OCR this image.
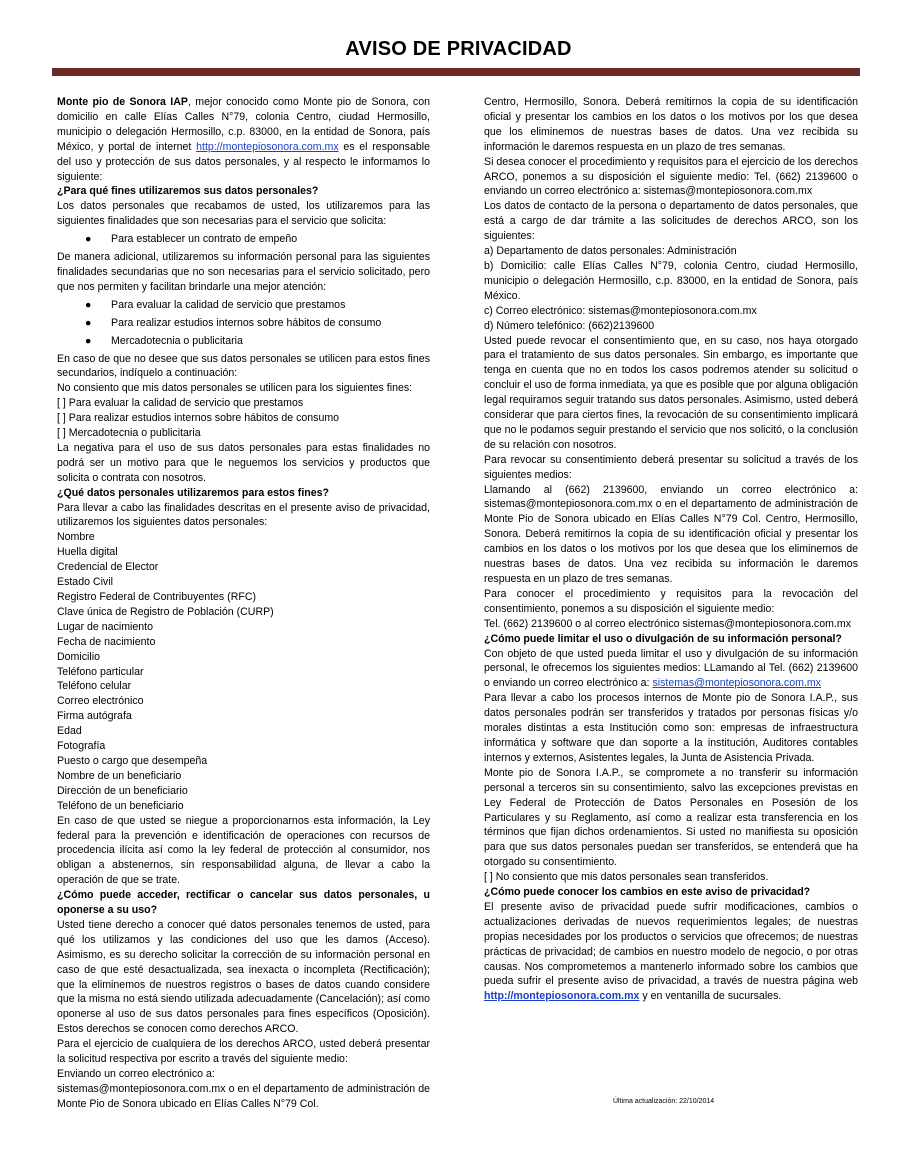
AVISO DE PRIVACIDAD

Monte pio de Sonora IAP, mejor conocido como Monte pio de Sonora, con domicilio en calle Elías Calles N°79, colonia Centro, ciudad Hermosillo, municipio o delegación Hermosillo, c.p. 83000, en la entidad de Sonora, país México, y portal de internet http://montepiosonora.com.mx es el responsable del uso y protección de sus datos personales, y al respecto le informamos lo siguiente:

¿Para qué fines utilizaremos sus datos personales?

Los datos personales que recabamos de usted, los utilizaremos para las siguientes finalidades que son necesarias para el servicio que solicita:

● Para establecer un contrato de empeño

De manera adicional, utilizaremos su información personal para las siguientes finalidades secundarias que no son necesarias para el servicio solicitado, pero que nos permiten y facilitan brindarle una mejor atención:

● Para evaluar la calidad de servicio que prestamos
● Para realizar estudios internos sobre hábitos de consumo
● Mercadotecnia o publicitaria

En caso de que no desee que sus datos personales se utilicen para estos fines secundarios, indíquelo a continuación:

No consiento que mis datos personales se utilicen para los siguientes fines:

[ ] Para evaluar la calidad de servicio que prestamos

[ ] Para realizar estudios internos sobre hábitos de consumo

[ ] Mercadotecnia o publicitaria

La negativa para el uso de sus datos personales para estas finalidades no podrá ser un motivo para que le neguemos los servicios y productos que solicita o contrata con nosotros.

¿Qué datos personales utilizaremos para estos fines?

Para llevar a cabo las finalidades descritas en el presente aviso de privacidad, utilizaremos los siguientes datos personales:

Nombre

Huella digital

Credencial de Elector

Estado Civil

Registro Federal de Contribuyentes (RFC)

Clave única de Registro de Población (CURP)

Lugar de nacimiento

Fecha de nacimiento

Domicilio

Teléfono particular

Teléfono celular

Correo electrónico

Firma autógrafa

Edad

Fotografía

Puesto o cargo que desempeña

Nombre de un beneficiario

Dirección de un beneficiario

Teléfono de un beneficiario

En caso de que usted se niegue a proporcionarnos esta información, la Ley federal para la prevención e identificación de operaciones con recursos de procedencia ilícita así como la ley federal de protección al consumidor, nos obligan a abstenernos, sin responsabilidad alguna, de llevar a cabo la operación de que se trate.

¿Cómo puede acceder, rectificar o cancelar sus datos personales, u oponerse a su uso?

Usted tiene derecho a conocer qué datos personales tenemos de usted, para qué los utilizamos y las condiciones del uso que les damos (Acceso). Asimismo, es su derecho solicitar la corrección de su información personal en caso de que esté desactualizada, sea inexacta o incompleta (Rectificación); que la eliminemos de nuestros registros o bases de datos cuando considere que la misma no está siendo utilizada adecuadamente (Cancelación); así como oponerse al uso de sus datos personales para fines específicos (Oposición). Estos derechos se conocen como derechos ARCO.

Para el ejercicio de cualquiera de los derechos ARCO, usted deberá presentar la solicitud respectiva por escrito a través del siguiente medio:

Enviando un correo electrónico a:

sistemas@montepiosonora.com.mx o en el departamento de administración de Monte Pio de Sonora ubicado en Elías Calles N°79 Col.

Centro, Hermosillo, Sonora. Deberá remitirnos la copia de su identificación oficial y presentar los cambios en los datos o los motivos por los que desea que los eliminemos de nuestras bases de datos. Una vez recibida su información le daremos respuesta en un plazo de tres semanas.

Si desea conocer el procedimiento y requisitos para el ejercicio de los derechos ARCO, ponemos a su disposición el siguiente medio: Tel. (662) 2139600 o enviando un correo electrónico a: sistemas@montepiosonora.com.mx

Los datos de contacto de la persona o departamento de datos personales, que está a cargo de dar trámite a las solicitudes de derechos ARCO, son los siguientes:

a) Departamento de datos personales: Administración

b) Domicilio: calle Elías Calles N°79, colonia Centro, ciudad Hermosillo, municipio o delegación Hermosillo, c.p. 83000, en la entidad de Sonora, país México.

c) Correo electrónico: sistemas@montepiosonora.com.mx

d) Número telefónico: (662)2139600

Usted puede revocar el consentimiento que, en su caso, nos haya otorgado para el tratamiento de sus datos personales. Sin embargo, es importante que tenga en cuenta que no en todos los casos podremos atender su solicitud o concluir el uso de forma inmediata, ya que es posible que por alguna obligación legal requiramos seguir tratando sus datos personales. Asimismo, usted deberá considerar que para ciertos fines, la revocación de su consentimiento implicará que no le podamos seguir prestando el servicio que nos solicitó, o la conclusión de su relación con nosotros.

Para revocar su consentimiento deberá presentar su solicitud a través de los siguientes medios:

Llamando al (662) 2139600, enviando un correo electrónico a: sistemas@montepiosonora.com.mx o en el departamento de administración de Monte Pio de Sonora ubicado en Elías Calles N°79 Col. Centro, Hermosillo, Sonora. Deberá remitirnos la copia de su identificación oficial y presentar los cambios en los datos o los motivos por los que desea que los eliminemos de nuestras bases de datos. Una vez recibida su información le daremos respuesta en un plazo de tres semanas.

Para conocer el procedimiento y requisitos para la revocación del consentimiento, ponemos a su disposición el siguiente medio:

Tel. (662) 2139600 o al correo electrónico sistemas@montepiosonora.com.mx

¿Cómo puede limitar el uso o divulgación de su información personal?

Con objeto de que usted pueda limitar el uso y divulgación de su información personal, le ofrecemos los siguientes medios: LLamando al Tel. (662) 2139600 o enviando un correo electrónico a: sistemas@montepiosonora.com.mx

Para llevar a cabo los procesos internos de Monte pio de Sonora I.A.P., sus datos personales podrán ser transferidos y tratados por personas físicas y/o morales distintas a esta Institución como son: empresas de infraestructura informática y software que dan soporte a la institución, Auditores contables internos y externos, Asistentes legales, la Junta de Asistencia Privada.

Monte pio de Sonora I.A.P., se compromete a no transferir su información personal a terceros sin su consentimiento, salvo las excepciones previstas en Ley Federal de Protección de Datos Personales en Posesión de los Particulares y su Reglamento, así como a realizar esta transferencia en los términos que fijan dichos ordenamientos. Si usted no manifiesta su oposición para que sus datos personales puedan ser transferidos, se entenderá que ha otorgado su consentimiento.

[ ] No consiento que mis datos personales sean transferidos.

¿Cómo puede conocer los cambios en este aviso de privacidad?

El presente aviso de privacidad puede sufrir modificaciones, cambios o actualizaciones derivadas de nuevos requerimientos legales; de nuestras propias necesidades por los productos o servicios que ofrecemos; de nuestras prácticas de privacidad; de cambios en nuestro modelo de negocio, o por otras causas. Nos comprometemos a mantenerlo informado sobre los cambios que pueda sufrir el presente aviso de privacidad, a través de nuestra página web http://montepiosonora.com.mx y en ventanilla de sucursales.

Última actualización: 22/10/2014
